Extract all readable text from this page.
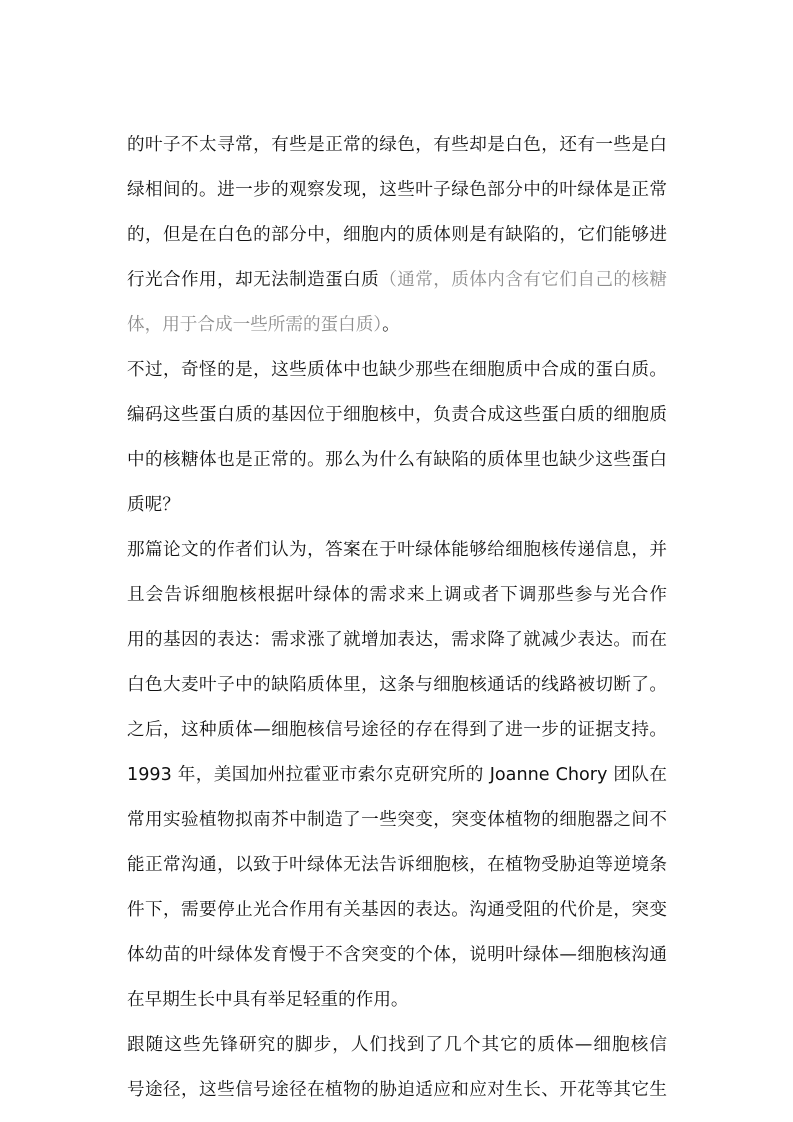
的叶子不太寻常，有些是正常的绿色，有些却是白色，还有一些是白
绿相间的。进一步的观察发现，这些叶子绿色部分中的叶绿体是正常
的，但是在白色的部分中，细胞内的质体则是有缺陷的，它们能够进
行光合作用，却无法制造蛋白质（通常，质体内含有它们自己的核糖
体，用于合成一些所需的蛋白质）。
不过，奇怪的是，这些质体中也缺少那些在细胞质中合成的蛋白质。
编码这些蛋白质的基因位于细胞核中，负责合成这些蛋白质的细胞质
中的核糖体也是正常的。那么为什么有缺陷的质体里也缺少这些蛋白
质呢？
那篇论文的作者们认为，答案在于叶绿体能够给细胞核传递信息，并
且会告诉细胞核根据叶绿体的需求来上调或者下调那些参与光合作
用的基因的表达：需求涨了就增加表达，需求降了就减少表达。而在
白色大麦叶子中的缺陷质体里，这条与细胞核通话的线路被切断了。
之后，这种质体—细胞核信号途径的存在得到了进一步的证据支持。
1993 年，美国加州拉霍亚市索尔克研究所的 Joanne Chory 团队在
常用实验植物拟南芥中制造了一些突变，突变体植物的细胞器之间不
能正常沟通，以致于叶绿体无法告诉细胞核，在植物受胁迫等逆境条
件下，需要停止光合作用有关基因的表达。沟通受阻的代价是，突变
体幼苗的叶绿体发育慢于不含突变的个体，说明叶绿体—细胞核沟通
在早期生长中具有举足轻重的作用。
跟随这些先锋研究的脚步，人们找到了几个其它的质体—细胞核信
号途径，这些信号途径在植物的胁迫适应和应对生长、开花等其它生
